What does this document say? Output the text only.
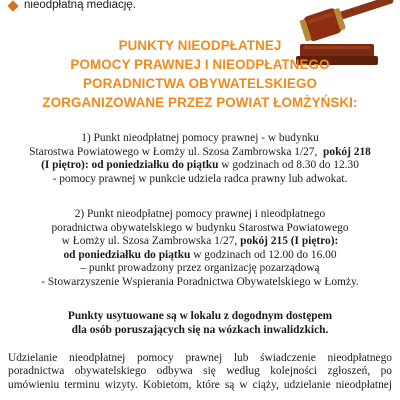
nieodpłatną mediację.
PUNKTY NIEODPŁATNEJ
POMOCY PRAWNEJ I NIEODPŁATNEGO
PORADNICTWA OBYWATELSKIEGO
ZORGANIZOWANE PRZEZ POWIAT ŁOMŻYŃSKI:
1) Punkt nieodpłatnej pomocy prawnej - w budynku
Starostwa Powiatowego w Łomży ul. Szosa Zambrowska 1/27, pokój 218
(I piętro): od poniedziałku do piątku w godzinach od 8.30 do 12.30
- pomocy prawnej w punkcie udziela radca prawny lub adwokat.
2) Punkt nieodpłatnej pomocy prawnej i nieodpłatnego
poradnictwa obywatelskiego w budynku Starostwa Powiatowego
w Łomży ul. Szosa Zambrowska 1/27, pokój 215 (I piętro):
od poniedziałku do piątku w godzinach od 12.00 do 16.00
– punkt prowadzony przez organizację pozarządową
- Stowarzyszenie Wspierania Poradnictwa Obywatelskiego w Łomży.
Punkty usytuowane są w lokalu z dogodnym dostępem
dla osób poruszających się na wózkach inwalidzkich.
Udzielanie nieodpłatnej pomocy prawnej lub świadczenie nieodpłatnego
poradnictwa obywatelskiego odbywa się według kolejności zgłoszeń, po
umówieniu terminu wizyty. Kobietom, które są w ciąży, udzielanie nieodpłatnej
